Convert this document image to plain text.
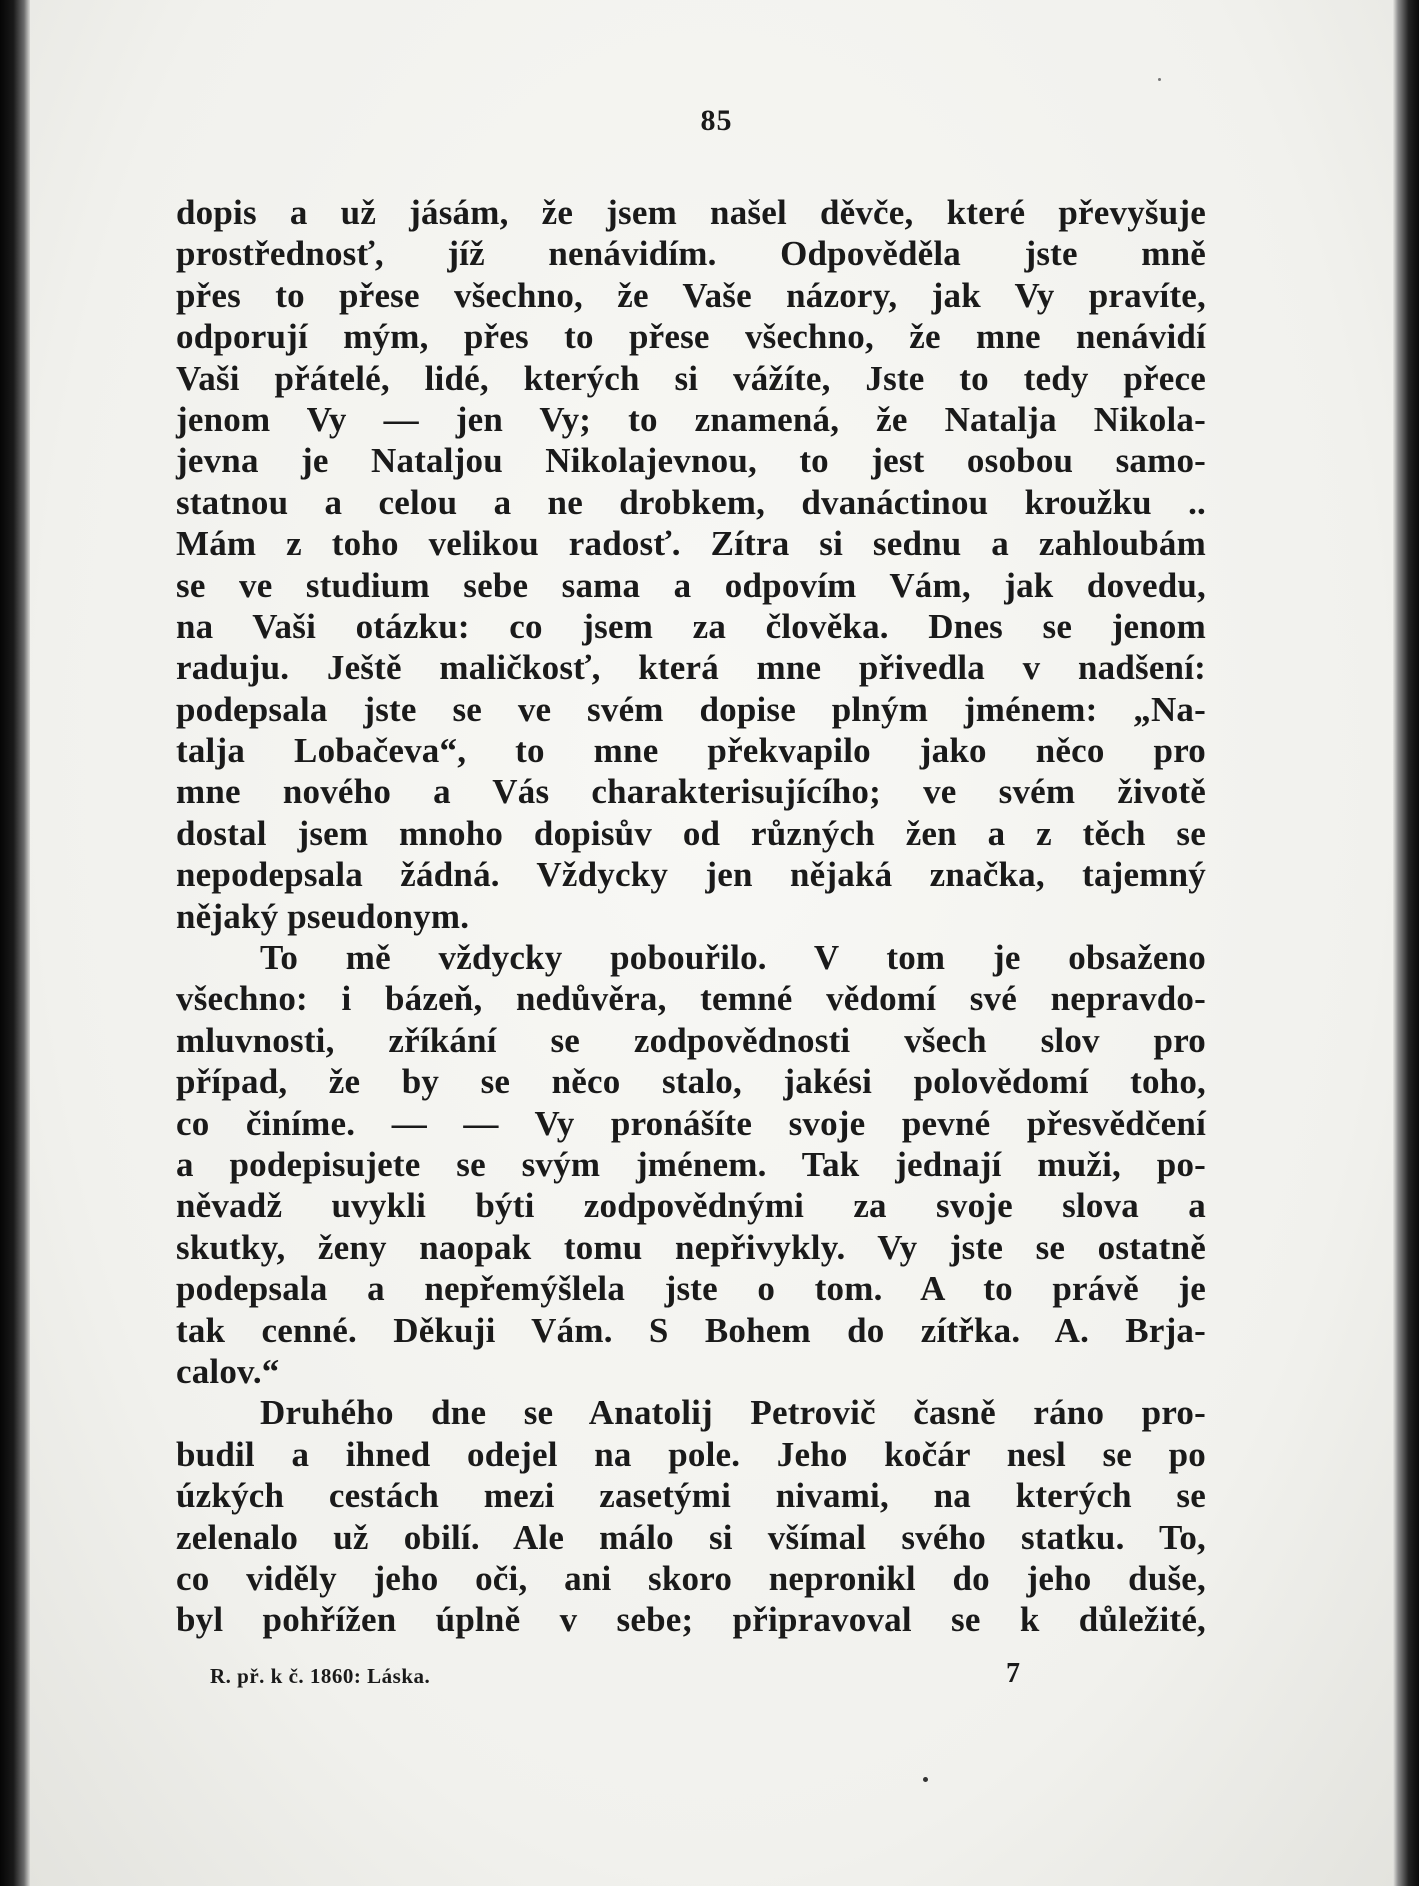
85
dopis a už jásám, že jsem našel děvče, které převyšuje
prostřednosť, jíž nenávidím. Odpověděla jste mně
přes to přese všechno, že Vaše názory, jak Vy pravíte,
odporují mým, přes to přese všechno, že mne nenávidí
Vaši přátelé, lidé, kterých si vážíte, Jste to tedy přece
jenom Vy — jen Vy; to znamená, že Natalja Nikola-
jevna je Nataljou Nikolajevnou, to jest osobou samo-
statnou a celou a ne drobkem, dvanáctinou kroužku ..
Mám z toho velikou radosť. Zítra si sednu a zahloubám
se ve studium sebe sama a odpovím Vám, jak dovedu,
na Vaši otázku: co jsem za člověka. Dnes se jenom
raduju. Ještě maličkosť, která mne přivedla v nadšení:
podepsala jste se ve svém dopise plným jménem: „Na-
talja Lobačeva“, to mne překvapilo jako něco pro
mne nového a Vás charakterisujícího; ve svém životě
dostal jsem mnoho dopisův od různých žen a z těch se
nepodepsala žádná. Vždycky jen nějaká značka, tajemný
nějaký pseudonym.
To mě vždycky pobouřilo. V tom je obsaženo
všechno: i bázeň, nedůvěra, temné vědomí své nepravdo-
mluvnosti, zříkání se zodpovědnosti všech slov pro
případ, že by se něco stalo, jakési polovědomí toho,
co činíme. — — Vy pronášíte svoje pevné přesvědčení
a podepisujete se svým jménem. Tak jednají muži, po-
něvadž uvykli býti zodpovědnými za svoje slova a
skutky, ženy naopak tomu nepřivykly. Vy jste se ostatně
podepsala a nepřemýšlela jste o tom. A to právě je
tak cenné. Děkuji Vám. S Bohem do zítřka. A. Brja-
calov.“
Druhého dne se Anatolij Petrovič časně ráno pro-
budil a ihned odejel na pole. Jeho kočár nesl se po
úzkých cestách mezi zasetými nivami, na kterých se
zelenalo už obilí. Ale málo si všímal svého statku. To,
co viděly jeho oči, ani skoro nepronikl do jeho duše,
byl pohřížen úplně v sebe; připravoval se k důležité,
R. př. k č. 1860: Láska.	7
